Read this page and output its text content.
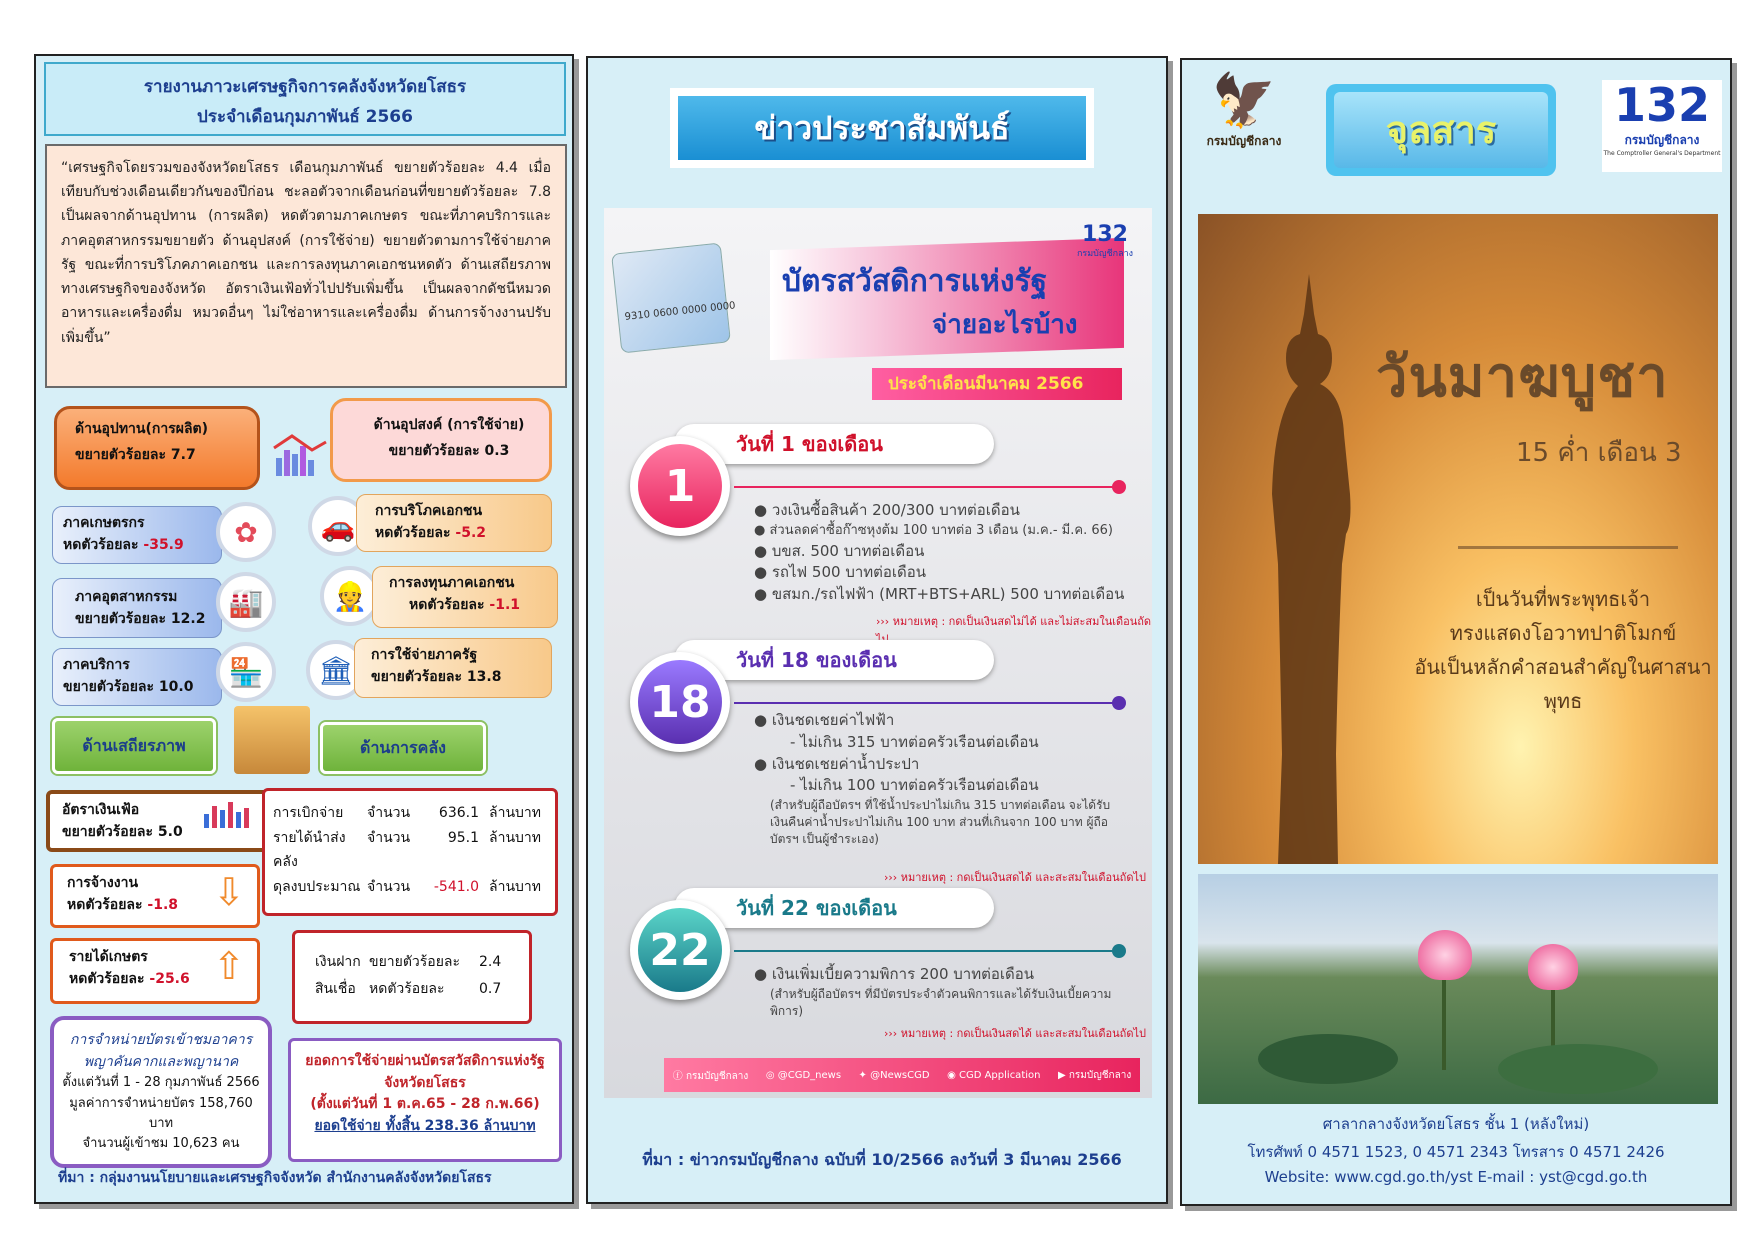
รายงานภาวะเศรษฐกิจการคลังจังหวัดยโสธร
ประจำเดือนกุมภาพันธ์ 2566
“เศรษฐกิจโดยรวมของจังหวัดยโสธร เดือนกุมภาพันธ์ ขยายตัวร้อยละ 4.4 เมื่อเทียบกับช่วงเดือนเดียวกันของปีก่อน ชะลอตัวจากเดือนก่อนที่ขยายตัวร้อยละ 7.8 เป็นผลจากด้านอุปทาน (การผลิต) หดตัวตามภาคเกษตร ขณะที่ภาคบริการและภาคอุตสาหกรรมขยายตัว ด้านอุปสงค์ (การใช้จ่าย) ขยายตัวตามการใช้จ่ายภาครัฐ ขณะที่การบริโภคภาคเอกชน และการลงทุนภาคเอกชนหดตัว ด้านเสถียรภาพทางเศรษฐกิจของจังหวัด อัตราเงินเฟ้อทั่วไปปรับเพิ่มขึ้น เป็นผลจากดัชนีหมวดอาหารและเครื่องดื่ม หมวดอื่นๆ ไม่ใช่อาหารและเครื่องดื่ม ด้านการจ้างงานปรับเพิ่มขึ้น”
ด้านอุปทาน(การผลิต)
ขยายตัวร้อยละ 7.7
ด้านอุปสงค์ (การใช้จ่าย)
ขยายตัวร้อยละ 0.3
ภาคเกษตรกร
หดตัวร้อยละ -35.9	✿
ภาคอุตสาหกรรม
ขยายตัวร้อยละ 12.2
🏭
ภาคบริการ
ขยายตัวร้อยละ 10.0	🏪
🚗	การบริโภคเอกชน
หดตัวร้อยละ -5.2
👷	การลงทุนภาคเอกชน
หดตัวร้อยละ -1.1
🏛	การใช้จ่ายภาครัฐ
ขยายตัวร้อยละ 13.8
ด้านเสถียรภาพ	ด้านการคลัง
อัตราเงินเฟ้อ
ขยายตัวร้อยละ 5.0
การจ้างงาน
หดตัวร้อยละ -1.8 ⇩
รายได้เกษตร
หดตัวร้อยละ -25.6 ⇧
การเบิกจ่าย	จำนวน	636.1 ล้านบาท
รายได้นำส่งคลัง
จำนวน	95.1 ล้านบาท
ดุลงบประมาณ จำนวน	-541.0 ล้านบาท
เงินฝาก ขยายตัวร้อยละ	2.4
สินเชื่อ หดตัวร้อยละ	0.7
การจำหน่ายบัตรเข้าชมอาคาร
พญาคันคากและพญานาค
ตั้งแต่วันที่ 1 - 28 กุมภาพันธ์ 2566
มูลค่าการจำหน่ายบัตร 158,760 บาท
จำนวนผู้เข้าชม 10,623 คน
ยอดการใช้จ่ายผ่านบัตรสวัสดิการแห่งรัฐ
จังหวัดยโสธร
(ตั้งแต่วันที่ 1 ต.ค.65 - 28 ก.พ.66)
ยอดใช้จ่าย ทั้งสิ้น 238.36 ล้านบาท
ที่มา : กลุ่มงานนโยบายและเศรษฐกิจจังหวัด สำนักงานคลังจังหวัดยโสธร
ข่าวประชาสัมพันธ์
บัตรสวัสดิการแห่งรัฐ
จ่ายอะไรบ้าง
132
กรมบัญชีกลาง
9310 0600 0000 0000
ประจำเดือนมีนาคม 2566
วันที่ 1 ของเดือน
1	● วงเงินซื้อสินค้า 200/300 บาทต่อเดือน
● ส่วนลดค่าซื้อก๊าซหุงต้ม 100 บาทต่อ 3 เดือน (ม.ค.- มี.ค. 66)
● บขส. 500 บาทต่อเดือน
● รถไฟ 500 บาทต่อเดือน
● ขสมก./รถไฟฟ้า (MRT+BTS+ARL) 500 บาทต่อเดือน
››› หมายเหตุ : กดเป็นเงินสดไม่ได้ และไม่สะสมในเดือนถัด
วันที่ 18 ของเดือน
18	● เงินชดเชยค่าไฟฟ้า
- ไม่เกิน 315 บาทต่อครัวเรือนต่อเดือน
● เงินชดเชยค่าน้ำประปา
- ไม่เกิน 100 บาทต่อครัวเรือนต่อเดือน
(สำหรับผู้ถือบัตรฯ ที่ใช้น้ำประปาไม่เกิน 315 บาทต่อเดือน จะได้รับเงินคืนค่าน้ำประปาไม่เกิน 100 บาท ส่วนที่เกินจาก 100 บาท ผู้ถือบัตรฯ เป็นผู้ชำระเอง)
››› หมายเหตุ : กดเป็นเงินสดได้ และสะสมในเดือนถัดไป
วันที่ 22 ของเดือน
22	● เงินเพิ่มเบี้ยความพิการ 200 บาทต่อเดือน
(สำหรับผู้ถือบัตรฯ ที่มีบัตรประจำตัวคนพิการและได้รับเงินเบี้ยความพิการ)
››› หมายเหตุ : กดเป็นเงินสดได้ และสะสมในเดือนถัดไป
ⓕ กรมบัญชีกลาง ◎ @CGD_news ✦ @NewsCGD ◉ CGD Application ▶ กรมบัญชีกลาง
ที่มา : ข่าวกรมบัญชีกลาง ฉบับที่ 10/2566 ลงวันที่ 3 มีนาคม 2566
🦅
กรมบัญชีกลาง	จุลสาร	132
กรมบัญชีกลาง
The Comptroller General's Department
วันมาฆบูชา
15 ค่ำ เดือน 3
เป็นวันที่พระพุทธเจ้า
ทรงแสดงโอวาทปาติโมกข์
อันเป็นหลักคำสอนสำคัญในศาสนาพุทธ
ศาลากลางจังหวัดยโสธร ชั้น 1 (หลังใหม่)
โทรศัพท์ 0 4571 1523, 0 4571 2343 โทรสาร 0 4571 2426
Website: www.cgd.go.th/yst E-mail : yst@cgd.go.th
